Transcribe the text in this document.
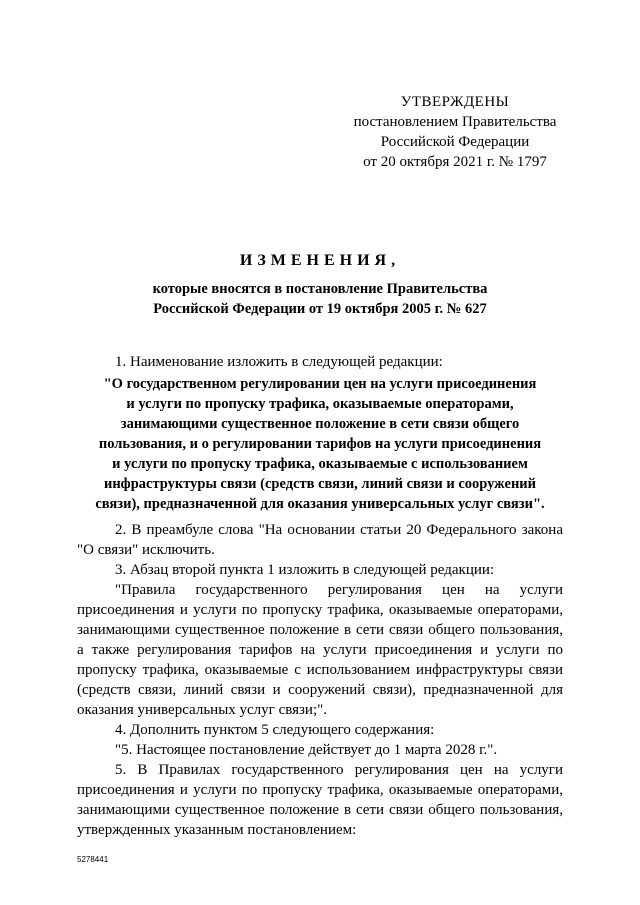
УТВЕРЖДЕНЫ
постановлением Правительства
Российской Федерации
от 20 октября 2021 г. № 1797
ИЗМЕНЕНИЯ,
которые вносятся в постановление Правительства
Российской Федерации от 19 октября 2005 г. № 627

1. Наименование изложить в следующей редакции:

"О государственном регулировании цен на услуги присоединения
и услуги по пропуску трафика, оказываемые операторами,
занимающими существенное положение в сети связи общего
пользования, и о регулировании тарифов на услуги присоединения
и услуги по пропуску трафика, оказываемые с использованием
инфраструктуры связи (средств связи, линий связи и сооружений
связи), предназначенной для оказания универсальных услуг связи".

2. В преамбуле слова "На основании статьи 20 Федерального закона "О связи" исключить.

3. Абзац второй пункта 1 изложить в следующей редакции:

"Правила государственного регулирования цен на услуги присоединения и услуги по пропуску трафика, оказываемые операторами, занимающими существенное положение в сети связи общего пользования, а также регулирования тарифов на услуги присоединения и услуги по пропуску трафика, оказываемые с использованием инфраструктуры связи (средств связи, линий связи и сооружений связи), предназначенной для оказания универсальных услуг связи;".

4. Дополнить пунктом 5 следующего содержания:

"5. Настоящее постановление действует до 1 марта 2028 г.".

5. В Правилах государственного регулирования цен на услуги присоединения и услуги по пропуску трафика, оказываемые операторами, занимающими существенное положение в сети связи общего пользования, утвержденных указанным постановлением:

5278441
